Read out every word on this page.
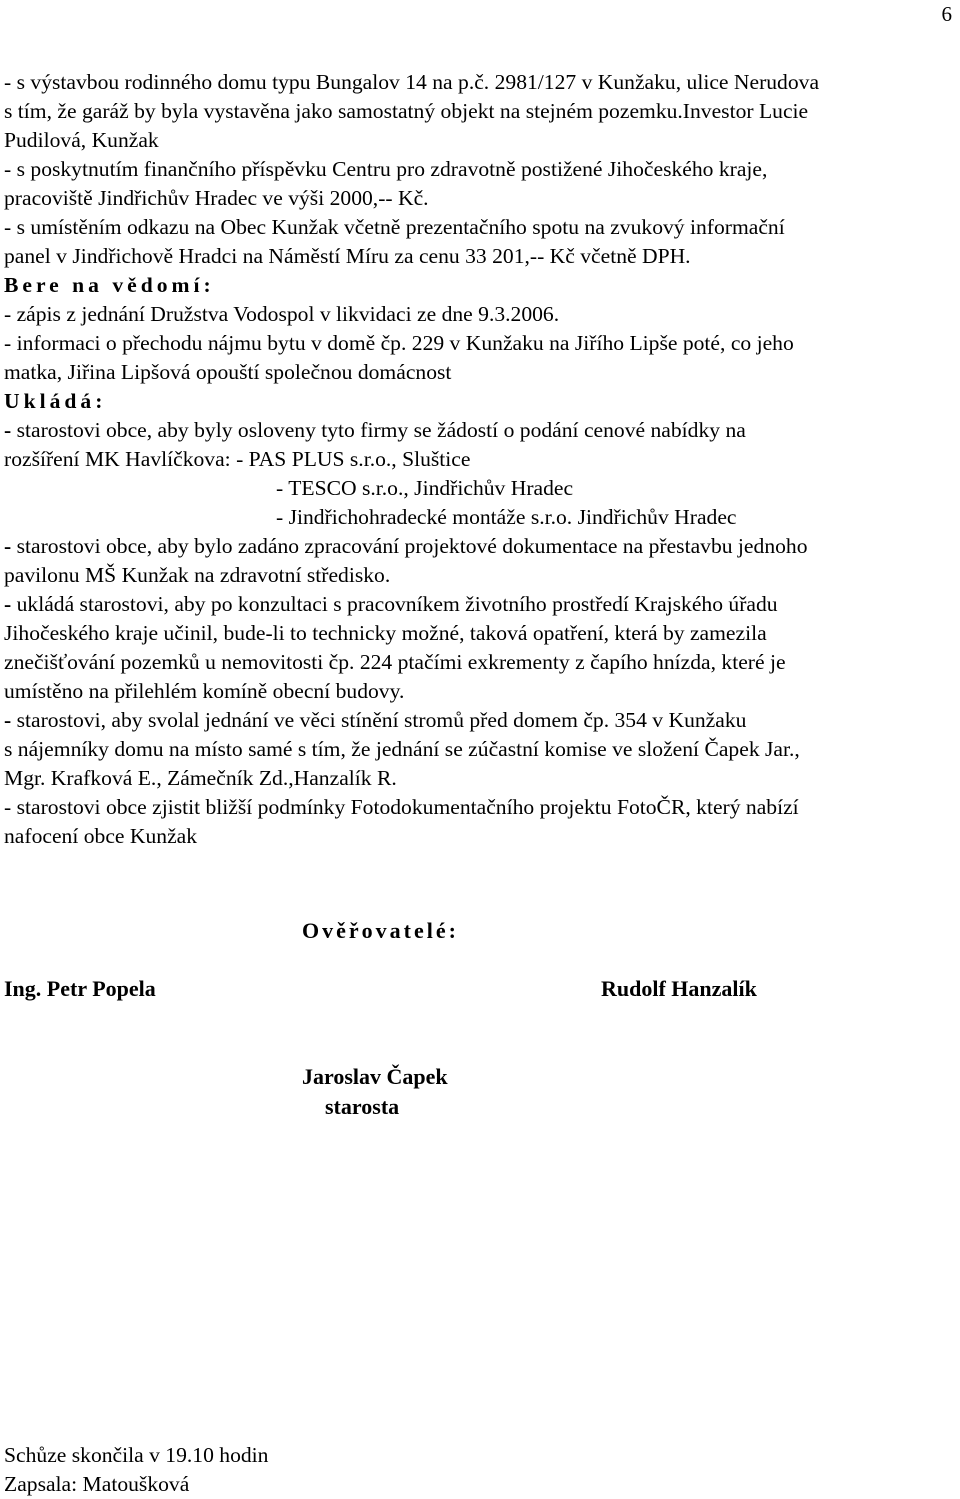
6
- s výstavbou rodinného domu typu Bungalov 14 na p.č. 2981/127 v Kunžaku, ulice Nerudova
s tím, že garáž by byla vystavěna jako samostatný objekt na stejném pozemku.Investor Lucie
Pudilová, Kunžak
- s poskytnutím finančního příspěvku Centru pro zdravotně postižené Jihočeského kraje,
pracoviště Jindřichův Hradec ve výši 2000,-- Kč.
- s umístěním odkazu na Obec Kunžak včetně prezentačního spotu na zvukový informační
panel v Jindřichově Hradci na Náměstí Míru za cenu 33 201,-- Kč včetně DPH.
Bere na vědomí:
- zápis z jednání Družstva Vodospol v likvidaci ze dne 9.3.2006.
- informaci o přechodu nájmu bytu v domě čp. 229 v Kunžaku na Jiřího Lipše poté, co jeho
matka, Jiřina Lipšová opouští společnou domácnost
Ukládá:
- starostovi obce, aby byly osloveny tyto firmy se žádostí o podání cenové nabídky na
rozšíření MK Havlíčkova: - PAS PLUS s.r.o., Sluštice
- TESCO s.r.o., Jindřichův Hradec
- Jindřichohradecké montáže s.r.o. Jindřichův Hradec
- starostovi obce, aby bylo zadáno zpracování projektové dokumentace na přestavbu jednoho
pavilonu MŠ Kunžak na zdravotní středisko.
- ukládá starostovi, aby po konzultaci s pracovníkem životního prostředí Krajského úřadu
Jihočeského kraje učinil, bude-li to technicky možné, taková opatření, která by zamezila
znečišťování pozemků u nemovitosti čp. 224 ptačími exkrementy z čapího hnízda, které je
umístěno na přilehlém komíně obecní budovy.
- starostovi, aby svolal jednání ve věci stínění stromů před domem čp. 354 v Kunžaku
s nájemníky domu na místo samé s tím, že jednání se zúčastní komise ve složení Čapek Jar.,
Mgr. Krafková E., Zámečník Zd.,Hanzalík R.
- starostovi obce zjistit bližší podmínky Fotodokumentačního projektu FotoČR, který nabízí
nafocení obce Kunžak
Ověřovatelé:
Ing. Petr Popela	Rudolf Hanzalík
Jaroslav Čapek
starosta
Schůze skončila v 19.10 hodin
Zapsala: Matoušková
